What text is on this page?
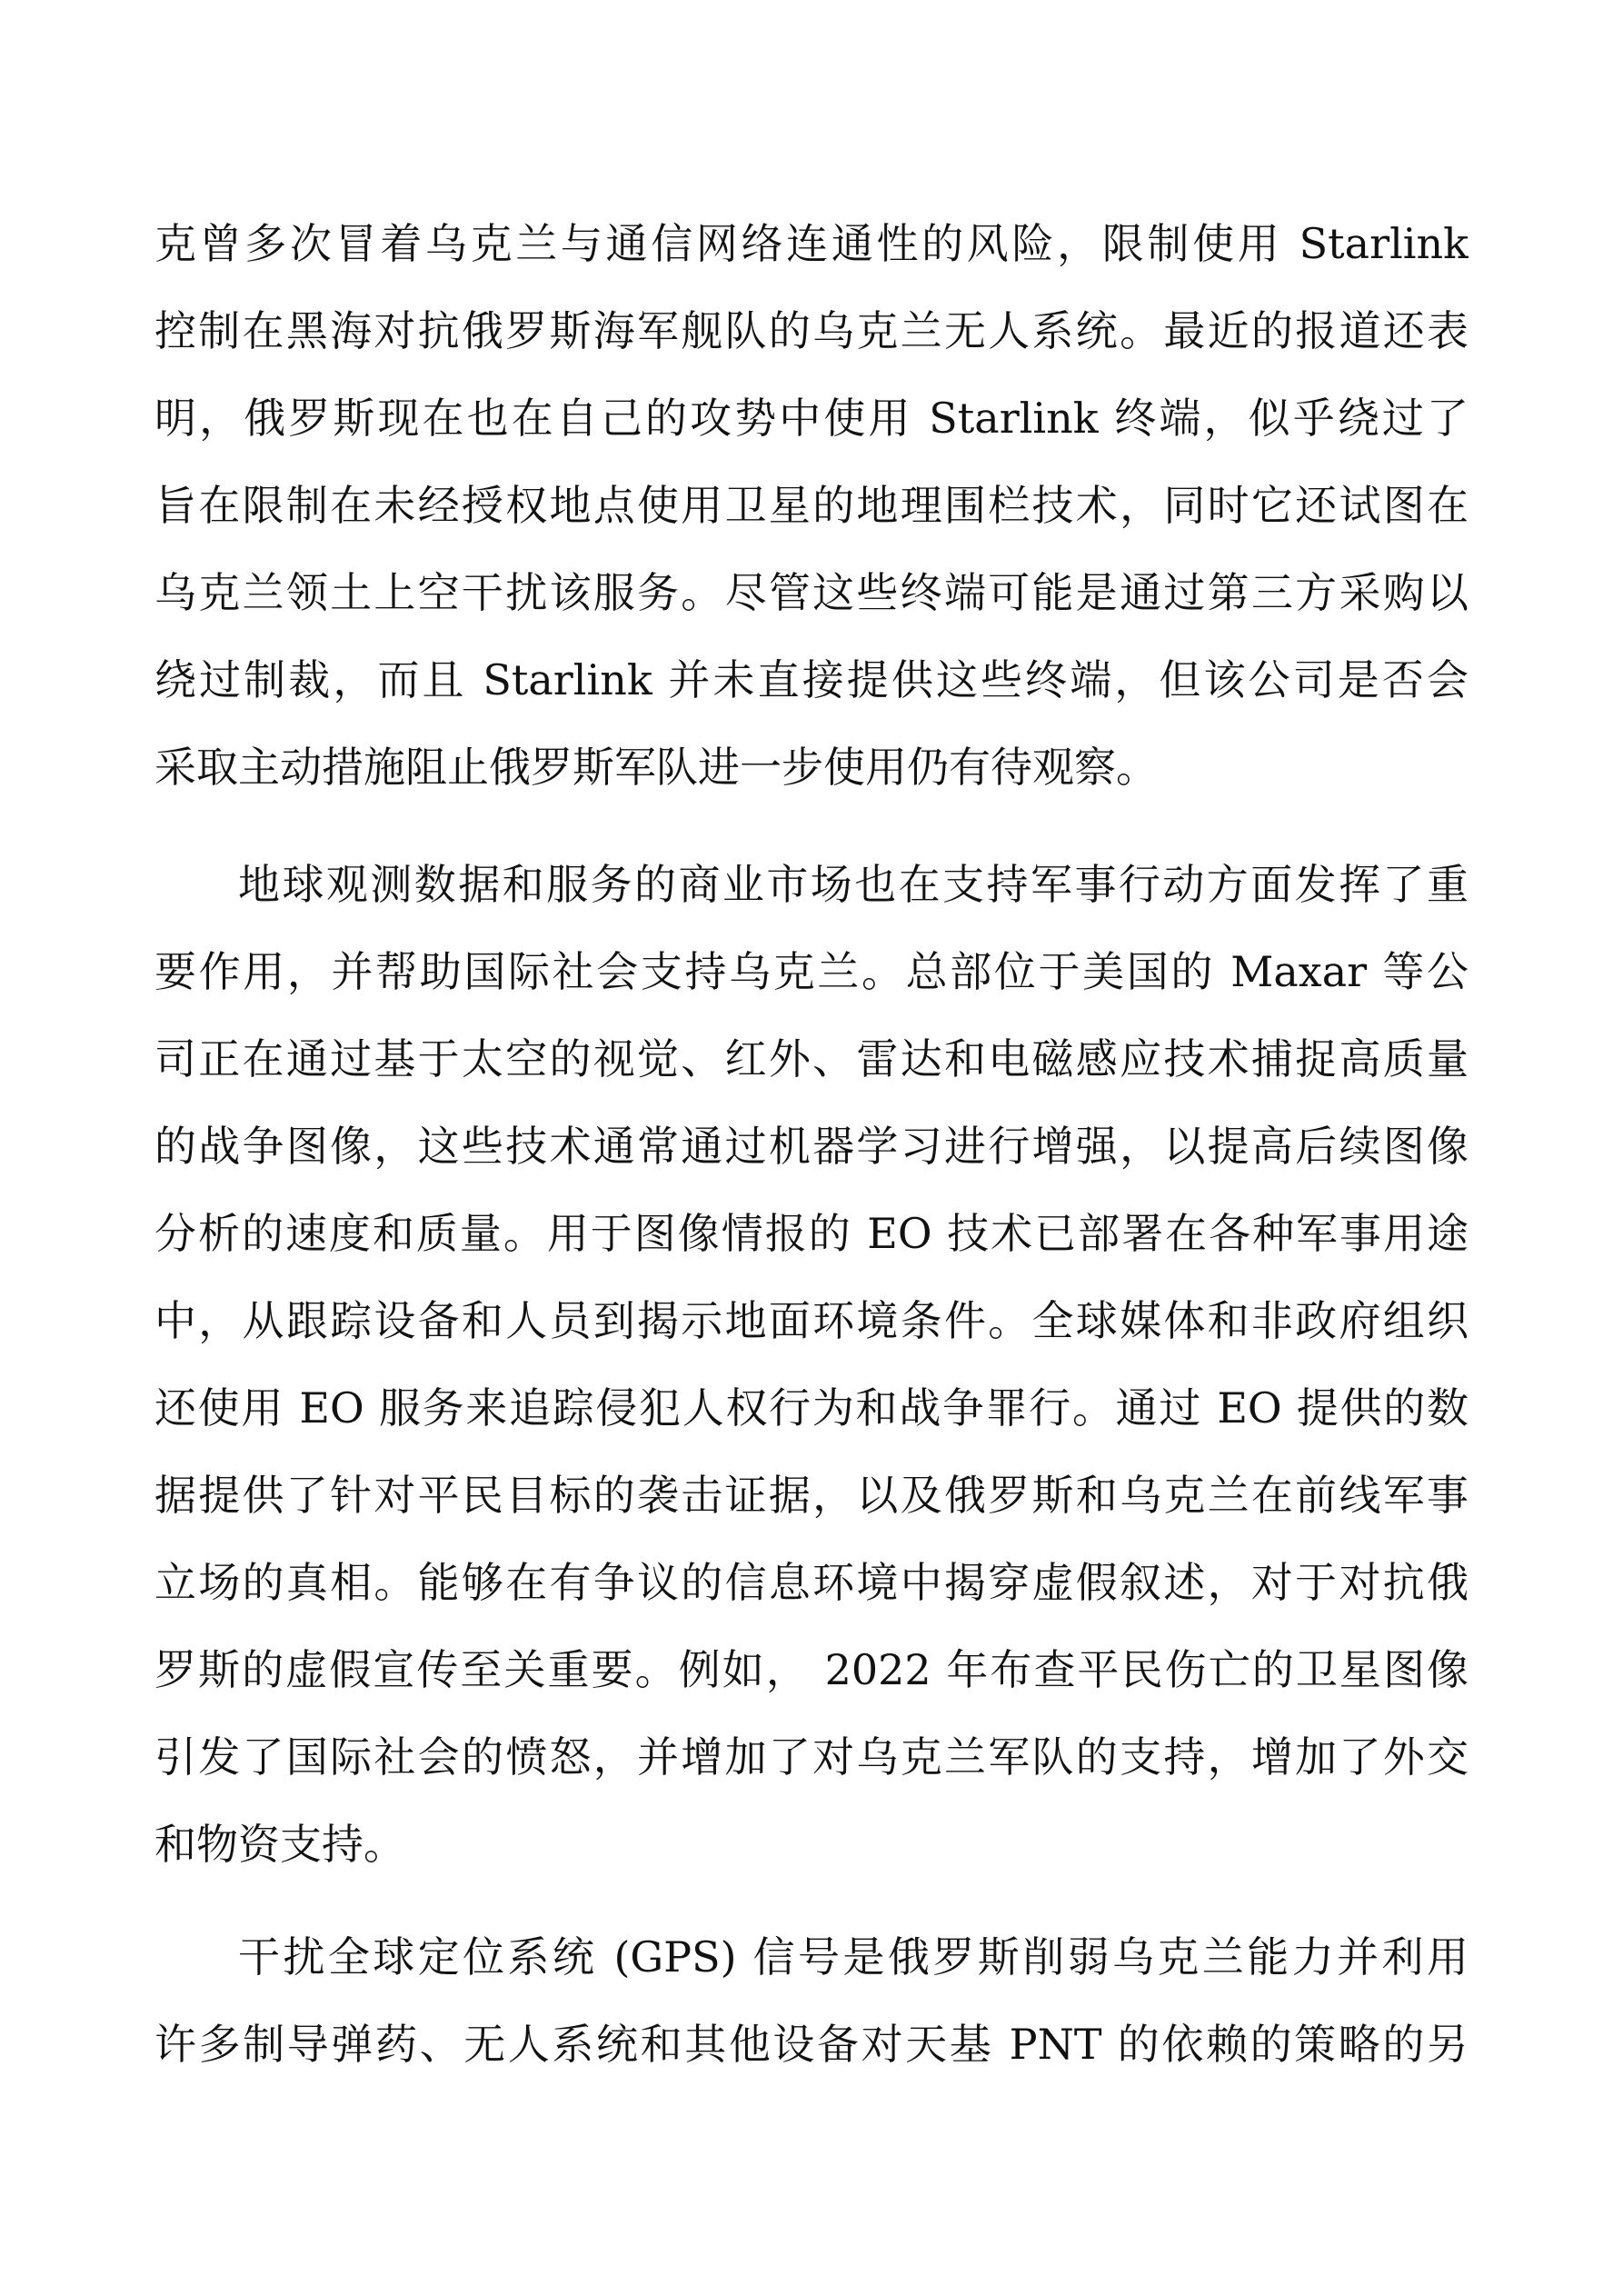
克曾多次冒着乌克兰与通信网络连通性的风险，限制使用 Starlink
控制在黑海对抗俄罗斯海军舰队的乌克兰无人系统。最近的报道还表
明，俄罗斯现在也在自己的攻势中使用 Starlink 终端，似乎绕过了
旨在限制在未经授权地点使用卫星的地理围栏技术，同时它还试图在
乌克兰领土上空干扰该服务。尽管这些终端可能是通过第三方采购以
绕过制裁，而且 Starlink 并未直接提供这些终端，但该公司是否会
采取主动措施阻止俄罗斯军队进一步使用仍有待观察。
地球观测数据和服务的商业市场也在支持军事行动方面发挥了重
要作用，并帮助国际社会支持乌克兰。总部位于美国的 Maxar 等公
司正在通过基于太空的视觉、红外、雷达和电磁感应技术捕捉高质量
的战争图像，这些技术通常通过机器学习进行增强，以提高后续图像
分析的速度和质量。用于图像情报的 EO 技术已部署在各种军事用途
中，从跟踪设备和人员到揭示地面环境条件。全球媒体和非政府组织
还使用 EO 服务来追踪侵犯人权行为和战争罪行。通过 EO 提供的数
据提供了针对平民目标的袭击证据，以及俄罗斯和乌克兰在前线军事
立场的真相。能够在有争议的信息环境中揭穿虚假叙述，对于对抗俄
罗斯的虚假宣传至关重要。例如， 2022 年布查平民伤亡的卫星图像
引发了国际社会的愤怒，并增加了对乌克兰军队的支持，增加了外交
和物资支持。
干扰全球定位系统 (GPS) 信号是俄罗斯削弱乌克兰能力并利用
许多制导弹药、无人系统和其他设备对天基 PNT 的依赖的策略的另
